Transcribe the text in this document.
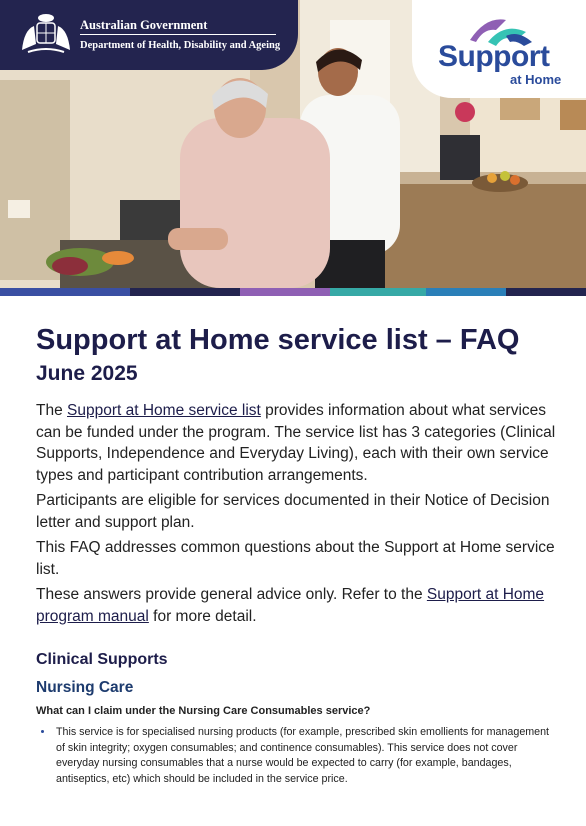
Australian Government
Department of Health, Disability and Ageing	Support
at Home
Support at Home service list – FAQ
June 2025

The Support at Home service list provides information about what services can be funded under the program. The service list has 3 categories (Clinical Supports, Independence and Everyday Living), each with their own service types and participant contribution arrangements.

Participants are eligible for services documented in their Notice of Decision letter and support plan.

This FAQ addresses common questions about the Support at Home service list.

These answers provide general advice only. Refer to the Support at Home program manual for more detail.

Clinical Supports
Nursing Care
What can I claim under the Nursing Care Consumables service?
• This service is for specialised nursing products (for example, prescribed skin emollients for management of skin integrity; oxygen consumables; and continence consumables). This service does not cover everyday nursing consumables that a nurse would be expected to carry (for example, bandages, antiseptics, etc) which should be included in the service price.
